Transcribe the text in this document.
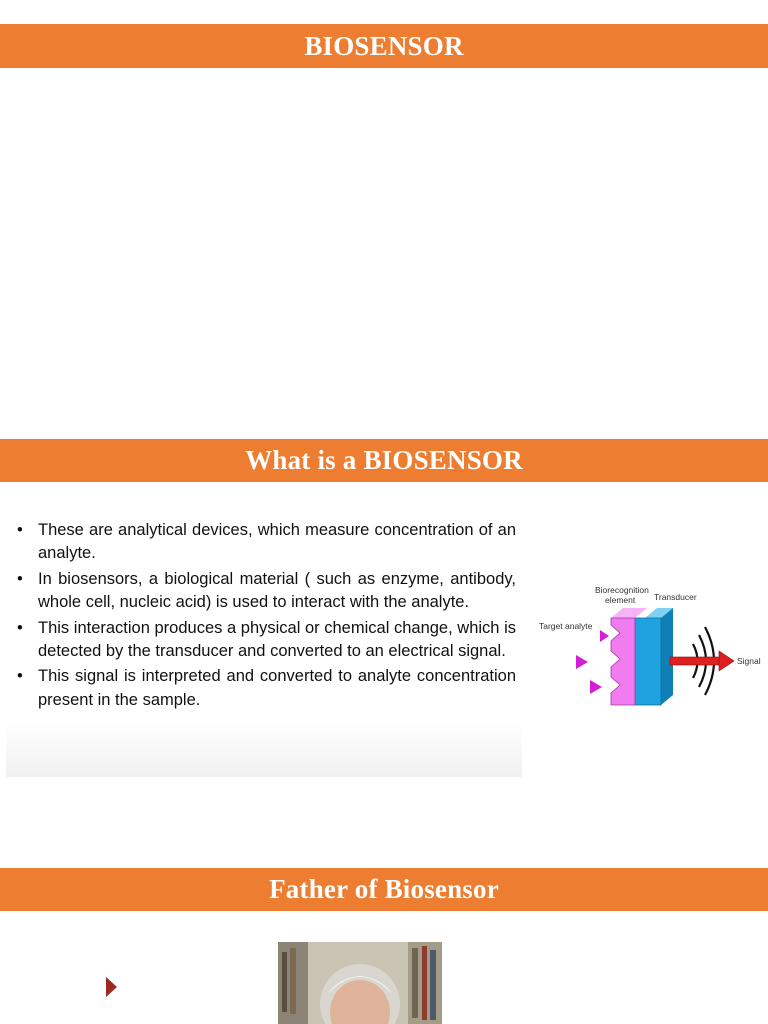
BIOSENSOR
What is a BIOSENSOR
• These are analytical devices, which measure concentration of an analyte.
• In biosensors, a biological material ( such as enzyme, antibody, whole cell, nucleic acid) is used to interact with the analyte.
• This interaction produces a physical or chemical change, which is detected by the transducer and converted to an electrical signal.
• This signal is interpreted and converted to analyte concentration present in the sample.
Biorecognition
element Transducer
Target analyte
Signal
Father of Biosensor
